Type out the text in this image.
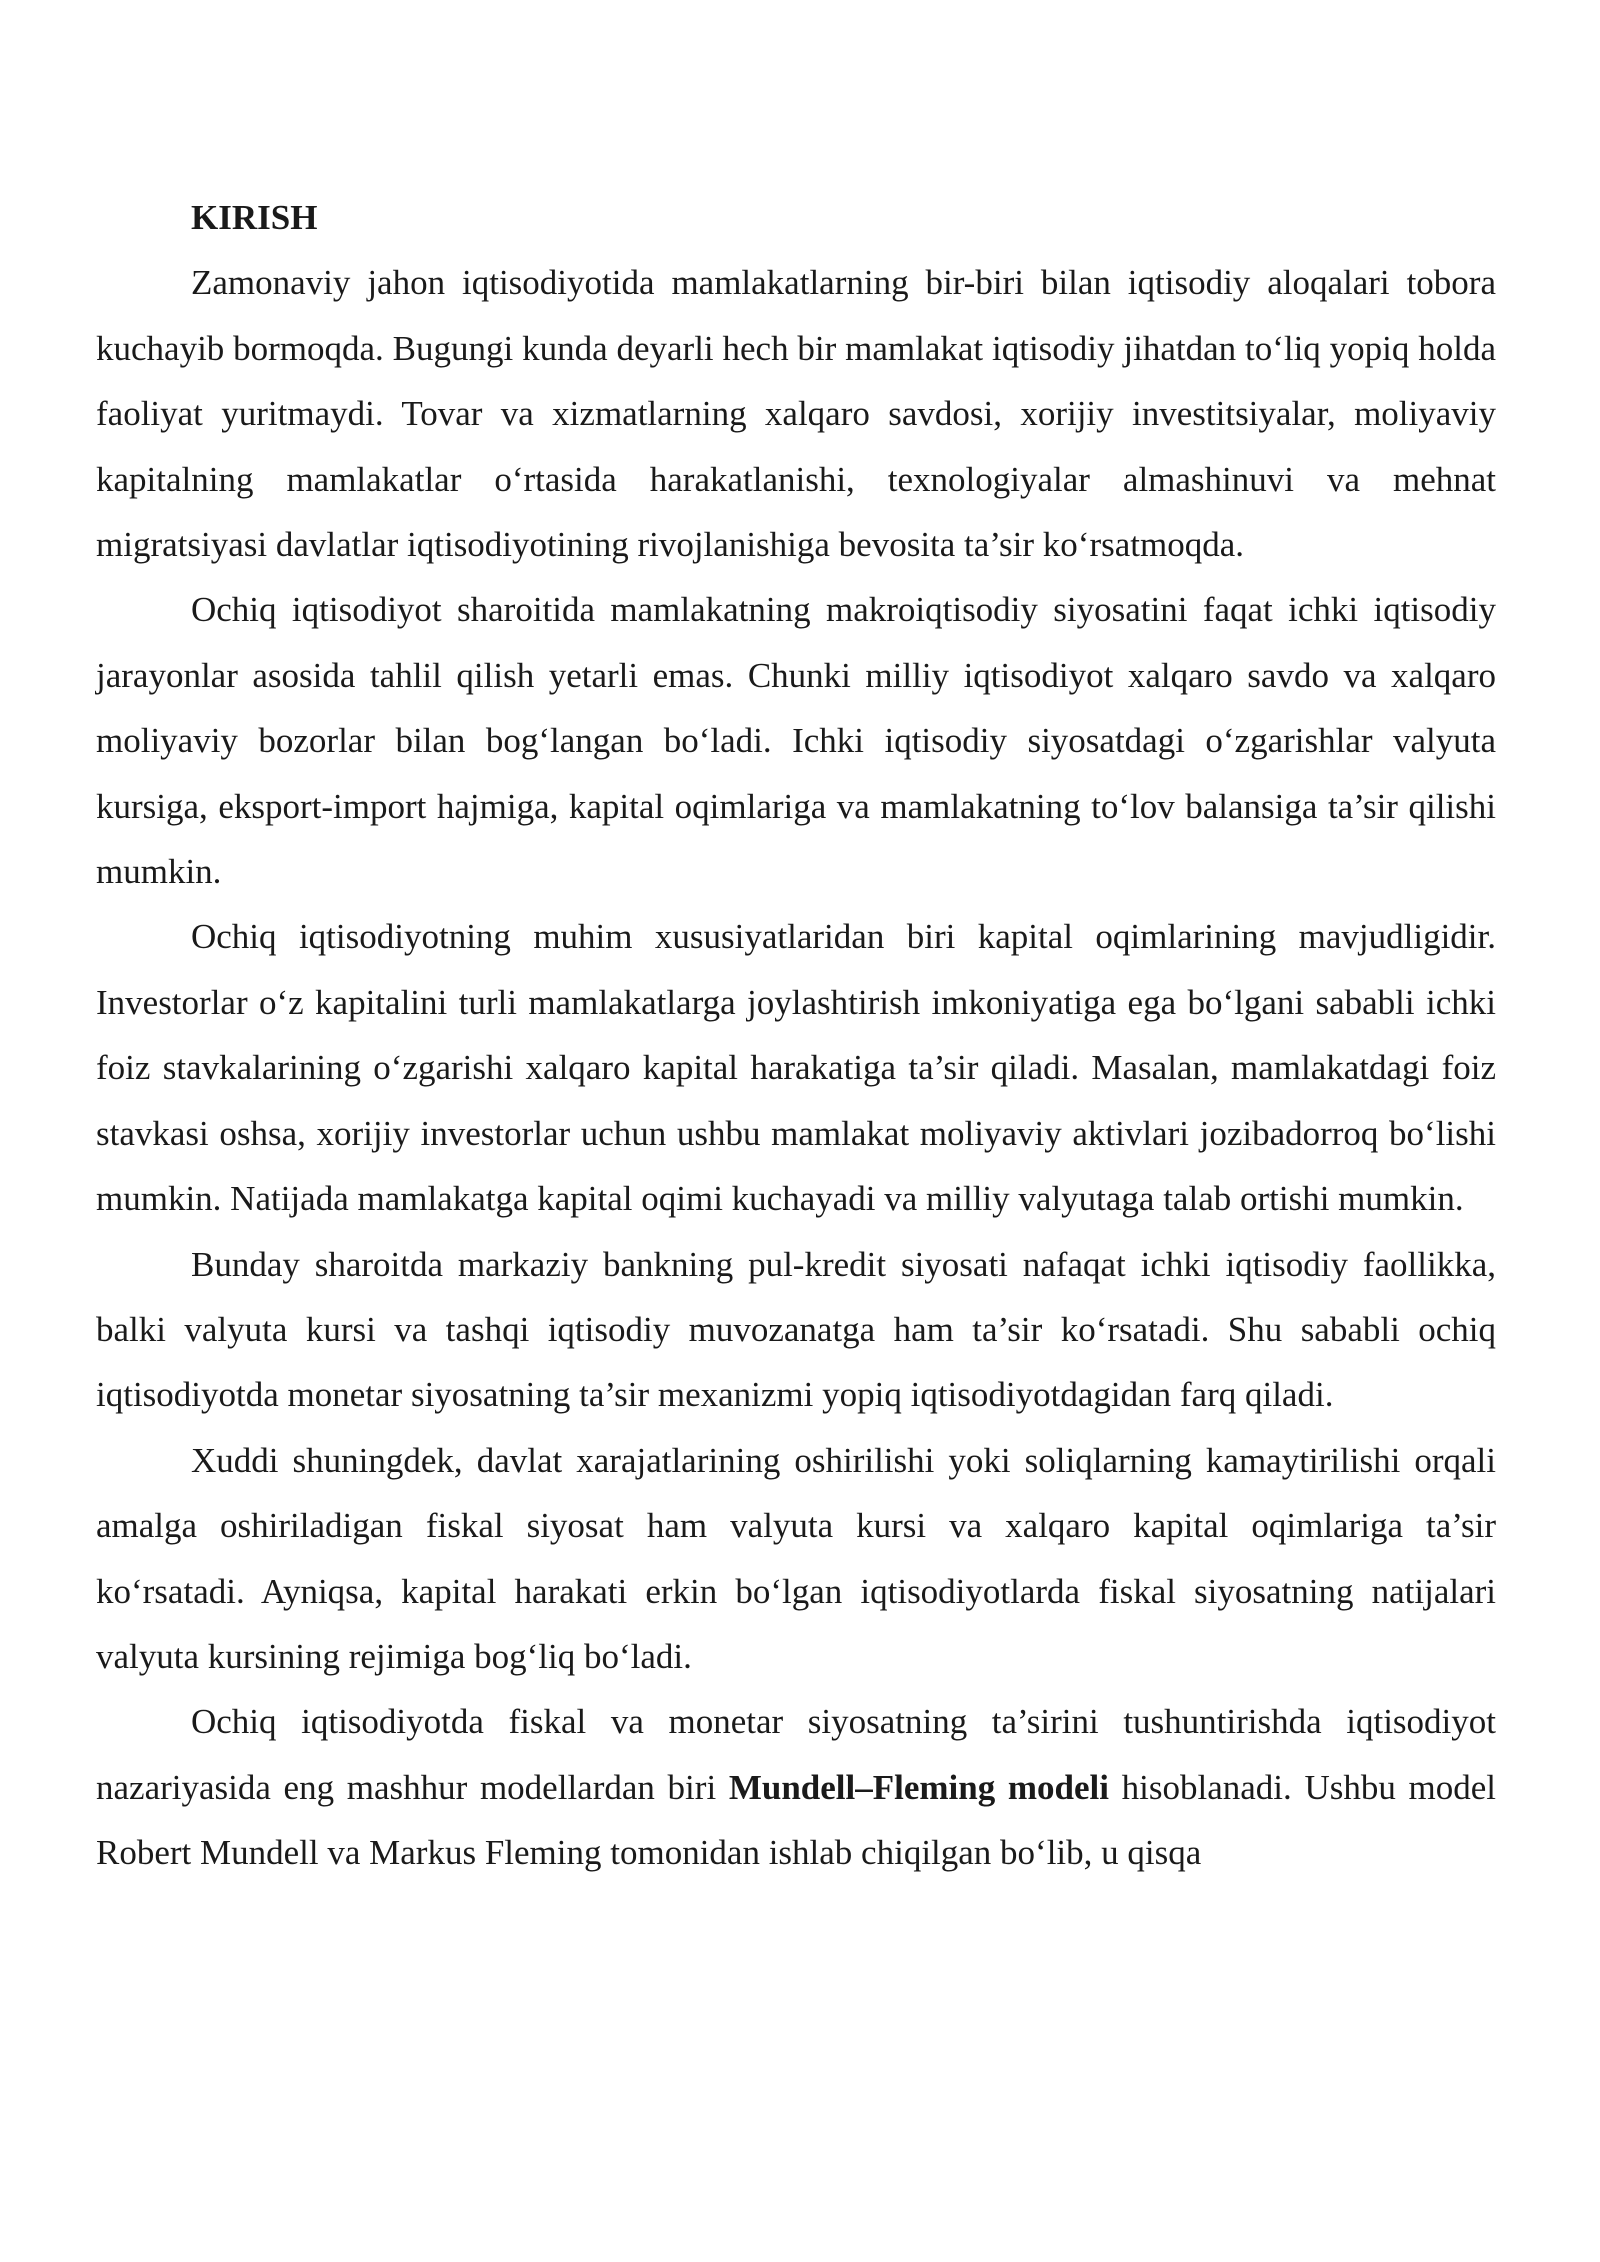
KIRISH

Zamonaviy jahon iqtisodiyotida mamlakatlarning bir-biri bilan iqtisodiy aloqalari tobora kuchayib bormoqda. Bugungi kunda deyarli hech bir mamlakat iqtisodiy jihatdan to‘liq yopiq holda faoliyat yuritmaydi. Tovar va xizmatlarning xalqaro savdosi, xorijiy investitsiyalar, moliyaviy kapitalning mamlakatlar o‘rtasida harakatlanishi, texnologiyalar almashinuvi va mehnat migratsiyasi davlatlar iqtisodiyotining rivojlanishiga bevosita ta’sir ko‘rsatmoqda.

Ochiq iqtisodiyot sharoitida mamlakatning makroiqtisodiy siyosatini faqat ichki iqtisodiy jarayonlar asosida tahlil qilish yetarli emas. Chunki milliy iqtisodiyot xalqaro savdo va xalqaro moliyaviy bozorlar bilan bog‘langan bo‘ladi. Ichki iqtisodiy siyosatdagi o‘zgarishlar valyuta kursiga, eksport-import hajmiga, kapital oqimlariga va mamlakatning to‘lov balansiga ta’sir qilishi mumkin.

Ochiq iqtisodiyotning muhim xususiyatlaridan biri kapital oqimlarining mavjudligidir. Investorlar o‘z kapitalini turli mamlakatlarga joylashtirish imkoniyatiga ega bo‘lgani sababli ichki foiz stavkalarining o‘zgarishi xalqaro kapital harakatiga ta’sir qiladi. Masalan, mamlakatdagi foiz stavkasi oshsa, xorijiy investorlar uchun ushbu mamlakat moliyaviy aktivlari jozibadorroq bo‘lishi mumkin. Natijada mamlakatga kapital oqimi kuchayadi va milliy valyutaga talab ortishi mumkin.

Bunday sharoitda markaziy bankning pul-kredit siyosati nafaqat ichki iqtisodiy faollikka, balki valyuta kursi va tashqi iqtisodiy muvozanatga ham ta’sir ko‘rsatadi. Shu sababli ochiq iqtisodiyotda monetar siyosatning ta’sir mexanizmi yopiq iqtisodiyotdagidan farq qiladi.

Xuddi shuningdek, davlat xarajatlarining oshirilishi yoki soliqlarning kamaytirilishi orqali amalga oshiriladigan fiskal siyosat ham valyuta kursi va xalqaro kapital oqimlariga ta’sir ko‘rsatadi. Ayniqsa, kapital harakati erkin bo‘lgan iqtisodiyotlarda fiskal siyosatning natijalari valyuta kursining rejimiga bog‘liq bo‘ladi.

Ochiq iqtisodiyotda fiskal va monetar siyosatning ta’sirini tushuntirishda iqtisodiyot nazariyasida eng mashhur modellardan biri Mundell–Fleming modeli hisoblanadi. Ushbu model Robert Mundell va Markus Fleming tomonidan ishlab chiqilgan bo‘lib, u qisqa
